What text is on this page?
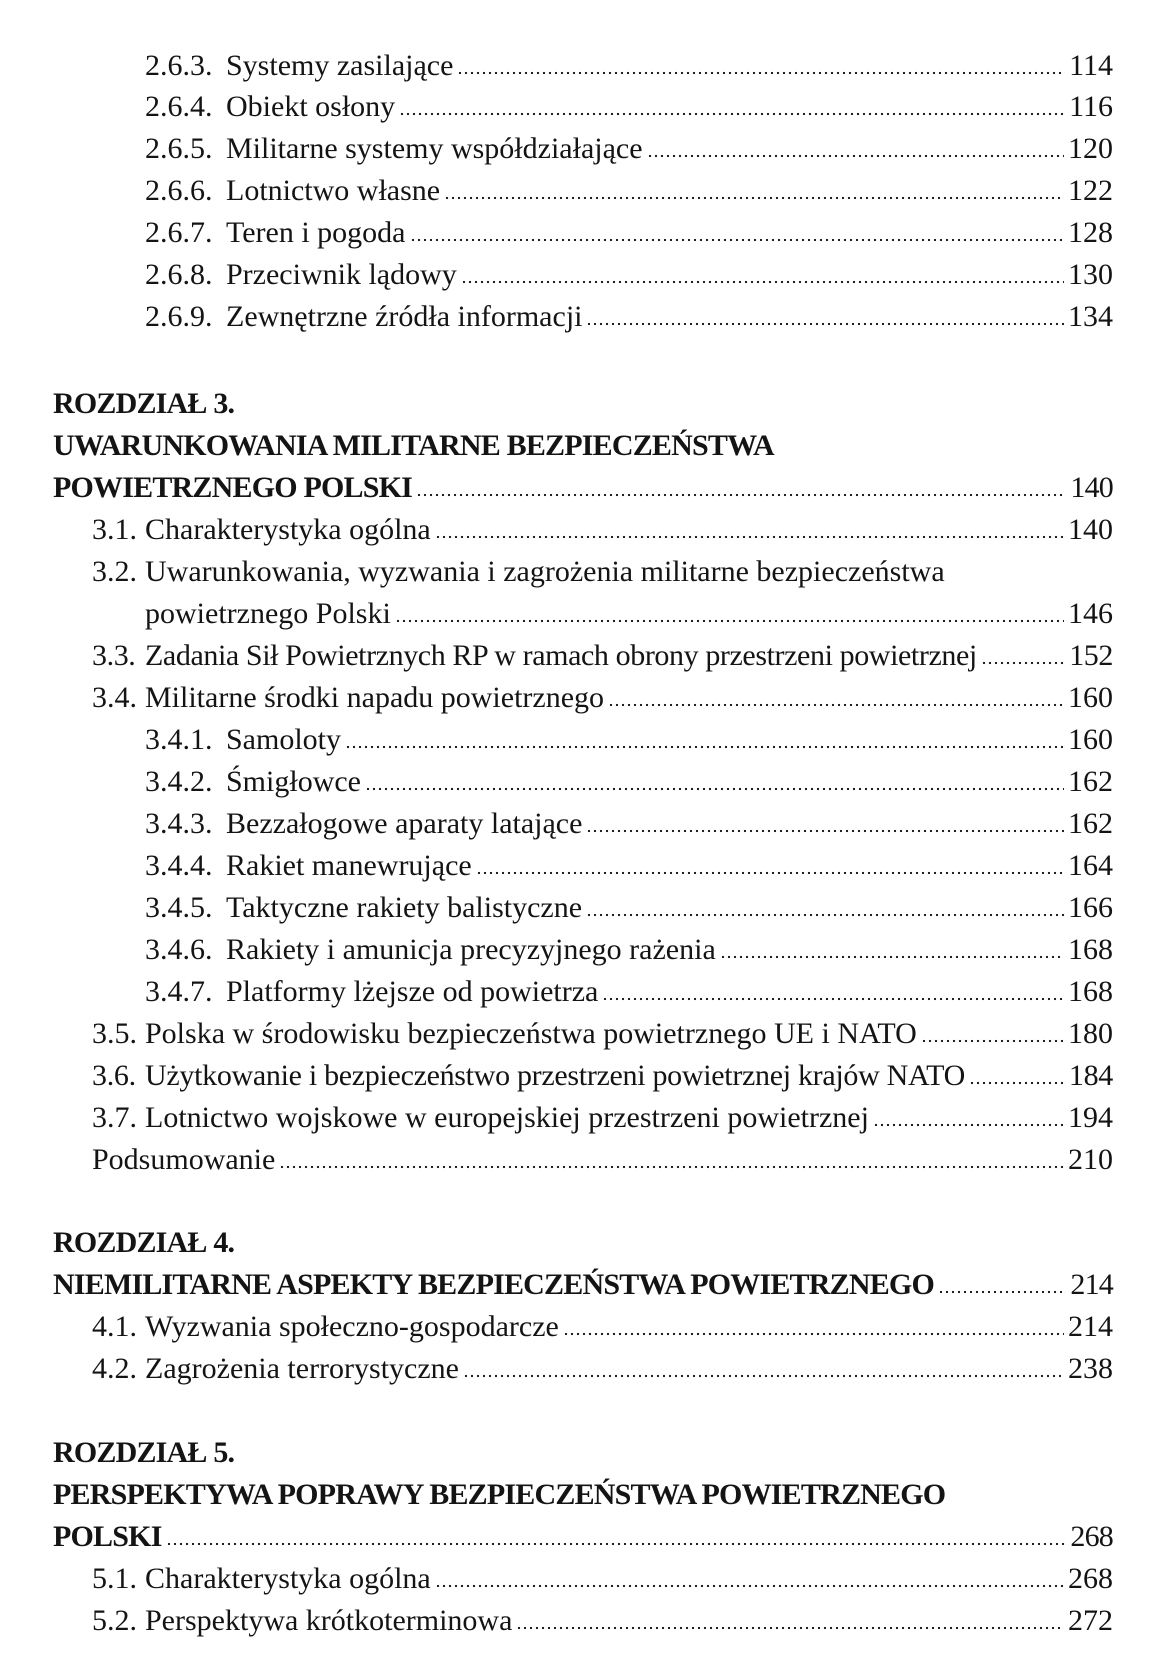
2.6.3. Systemy zasilające	114
2.6.4. Obiekt osłony	116
2.6.5. Militarne systemy współdziałające	120
2.6.6. Lotnictwo własne	122
2.6.7. Teren i pogoda	128
2.6.8. Przeciwnik lądowy	130
2.6.9. Zewnętrzne źródła informacji	134
ROZDZIAŁ 3.
UWARUNKOWANIA MILITARNE BEZPIECZEŃSTWA
POWIETRZNEGO POLSKI	140
3.1. Charakterystyka ogólna	140
3.2. Uwarunkowania, wyzwania i zagrożenia militarne bezpieczeństwa
powietrznego Polski	146
3.3. Zadania Sił Powietrznych RP w ramach obrony przestrzeni powietrznej	152
3.4. Militarne środki napadu powietrznego	160
3.4.1. Samoloty	160
3.4.2. Śmigłowce	162
3.4.3. Bezzałogowe aparaty latające	162
3.4.4. Rakiet manewrujące	164
3.4.5. Taktyczne rakiety balistyczne	166
3.4.6. Rakiety i amunicja precyzyjnego rażenia	168
3.4.7. Platformy lżejsze od powietrza	168
3.5. Polska w środowisku bezpieczeństwa powietrznego UE i NATO	180
3.6. Użytkowanie i bezpieczeństwo przestrzeni powietrznej krajów NATO	184
3.7. Lotnictwo wojskowe w europejskiej przestrzeni powietrznej	194
Podsumowanie	210
ROZDZIAŁ 4.
NIEMILITARNE ASPEKTY BEZPIECZEŃSTWA POWIETRZNEGO	214
4.1. Wyzwania społeczno-gospodarcze	214
4.2. Zagrożenia terrorystyczne	238
ROZDZIAŁ 5.
PERSPEKTYWA POPRAWY BEZPIECZEŃSTWA POWIETRZNEGO
POLSKI	268
5.1. Charakterystyka ogólna	268
5.2. Perspektywa krótkoterminowa	272
